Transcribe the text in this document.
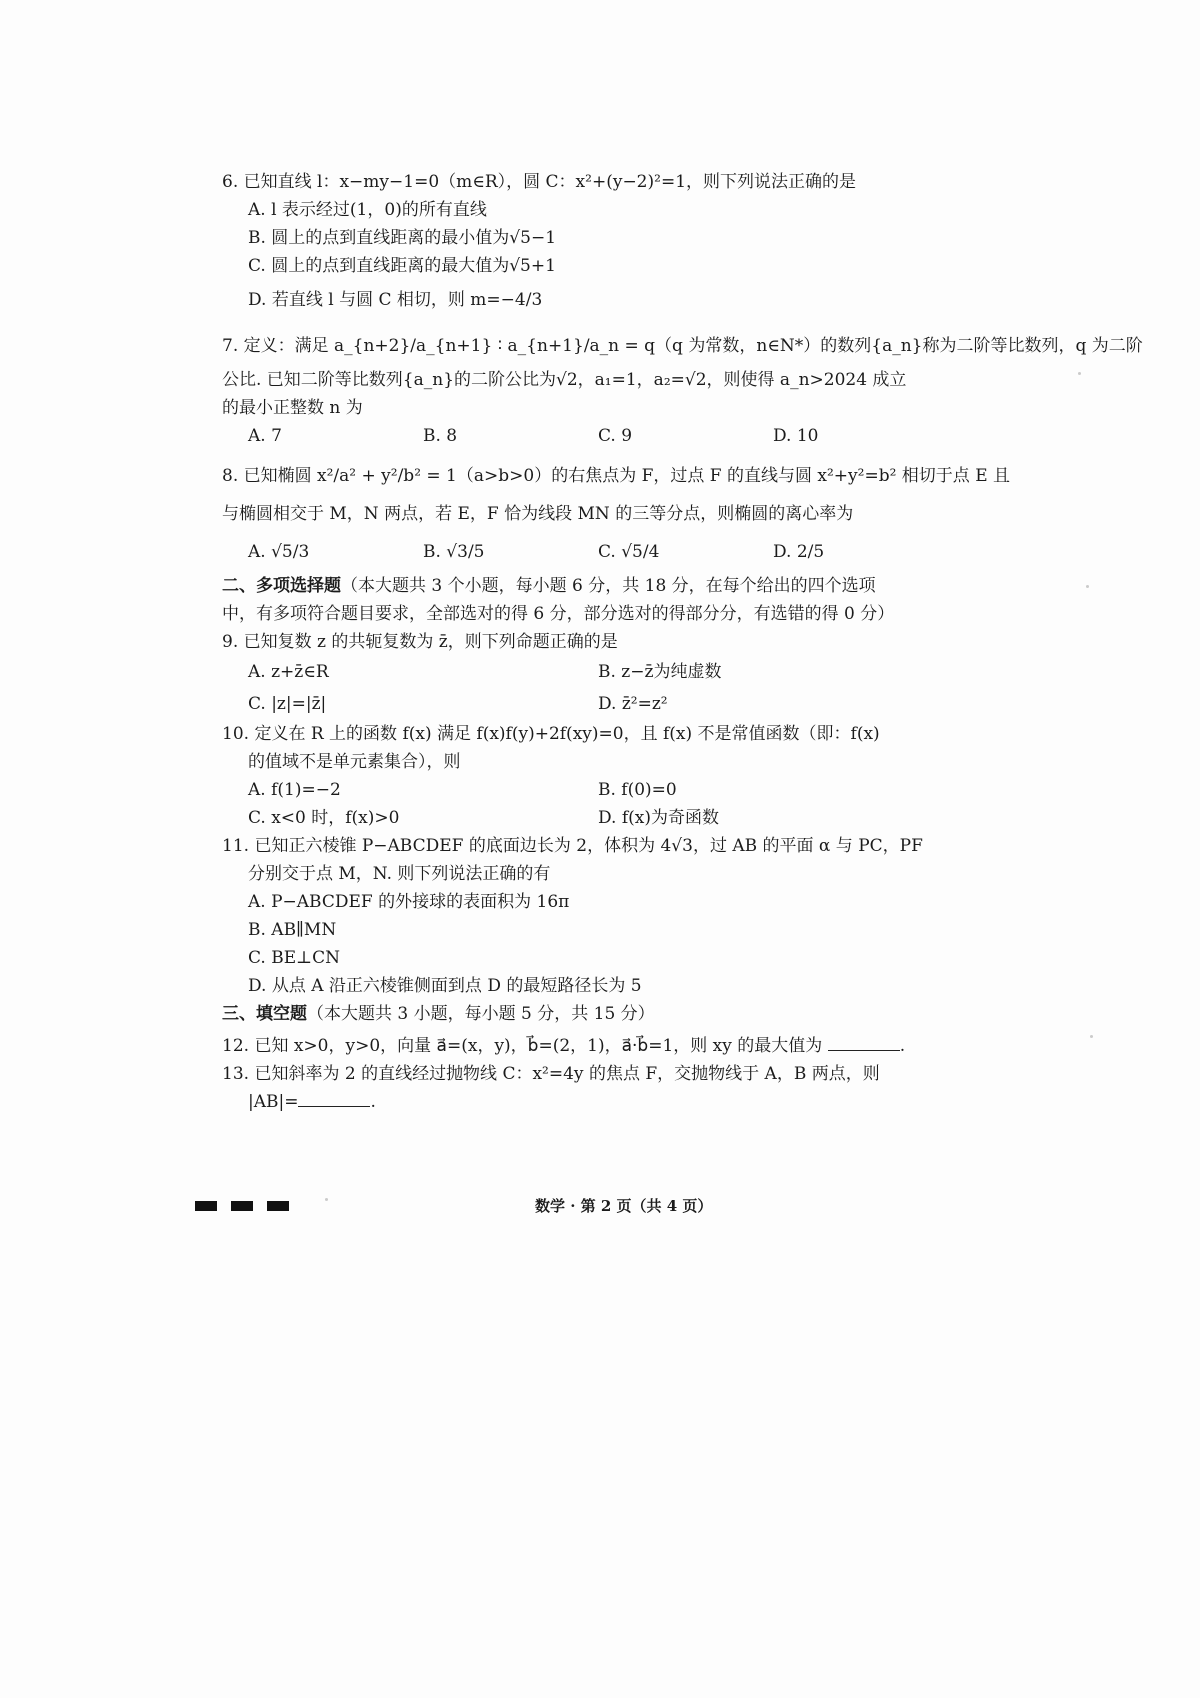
6. 已知直线 l：x−my−1=0（m∈R），圆 C：x²+(y−2)²=1，则下列说法正确的是
A. l 表示经过(1，0)的所有直线
B. 圆上的点到直线距离的最小值为√5−1
C. 圆上的点到直线距离的最大值为√5+1
D. 若直线 l 与圆 C 相切，则 m=−4/3
7. 定义：满足 a_{n+2}/a_{n+1} ∶ a_{n+1}/a_n = q（q 为常数，n∈N*）的数列{a_n}称为二阶等比数列，q 为二阶
公比. 已知二阶等比数列{a_n}的二阶公比为√2，a₁=1，a₂=√2，则使得 a_n>2024 成立
的最小正整数 n 为
A. 7	B. 8	C. 9	D. 10
8. 已知椭圆 x²/a² + y²/b² = 1（a>b>0）的右焦点为 F，过点 F 的直线与圆 x²+y²=b² 相切于点 E 且
与椭圆相交于 M，N 两点，若 E，F 恰为线段 MN 的三等分点，则椭圆的离心率为
A. √5/3	B. √3/5	C. √5/4	D. 2/5
二、多项选择题（本大题共 3 个小题，每小题 6 分，共 18 分，在每个给出的四个选项
中，有多项符合题目要求，全部选对的得 6 分，部分选对的得部分分，有选错的得 0 分）
9. 已知复数 z 的共轭复数为 z̄，则下列命题正确的是
A. z+z̄∈R	B. z−z̄为纯虚数
C. |z|=|z̄|	D. z̄²=z²
10. 定义在 R 上的函数 f(x) 满足 f(x)f(y)+2f(xy)=0，且 f(x) 不是常值函数（即：f(x)
的值域不是单元素集合），则
A. f(1)=−2	B. f(0)=0
C. x<0 时，f(x)>0	D. f(x)为奇函数
11. 已知正六棱锥 P−ABCDEF 的底面边长为 2，体积为 4√3，过 AB 的平面 α 与 PC，PF
分别交于点 M，N. 则下列说法正确的有
A. P−ABCDEF 的外接球的表面积为 16π
B. AB∥MN
C. BE⊥CN
D. 从点 A 沿正六棱锥侧面到点 D 的最短路径长为 5
三、填空题（本大题共 3 小题，每小题 5 分，共 15 分）
12. 已知 x>0，y>0，向量 a⃗=(x，y)，b⃗=(2，1)，a⃗·b⃗=1，则 xy 的最大值为	.
13. 已知斜率为 2 的直线经过抛物线 C：x²=4y 的焦点 F，交抛物线于 A，B 两点，则
|AB|=	.
数学 · 第 2 页（共 4 页）
